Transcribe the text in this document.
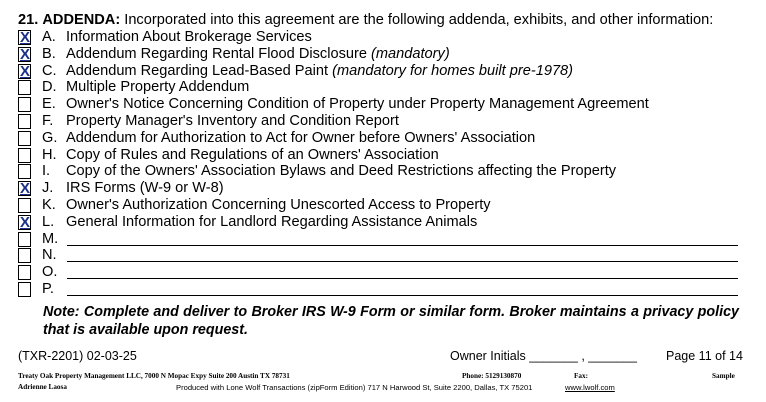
21. ADDENDA: Incorporated into this agreement are the following addenda, exhibits, and other information:
X A. Information About Brokerage Services
X B. Addendum Regarding Rental Flood Disclosure (mandatory)
X C. Addendum Regarding Lead-Based Paint (mandatory for homes built pre-1978)
D. Multiple Property Addendum
E. Owner's Notice Concerning Condition of Property under Property Management Agreement
F. Property Manager's Inventory and Condition Report
G. Addendum for Authorization to Act for Owner before Owners' Association
H. Copy of Rules and Regulations of an Owners' Association
I. Copy of the Owners' Association Bylaws and Deed Restrictions affecting the Property
X J. IRS Forms (W-9 or W-8)
K. Owner's Authorization Concerning Unescorted Access to Property
X L. General Information for Landlord Regarding Assistance Animals
M.
N.
O.
P.
Note: Complete and deliver to Broker IRS W-9 Form or similar form. Broker maintains a privacy policy that is available upon request.
(TXR-2201) 02-03-25	Owner Initials _______ , _______ Page 11 of 14
Treaty Oak Property Management LLC, 7000 N Mopac Expy Suite 200 Austin TX 78731	Phone: 5129130870	Fax:	Sample
Adrienne Laosa	Produced with Lone Wolf Transactions (zipForm Edition) 717 N Harwood St, Suite 2200, Dallas, TX 75201	www.lwolf.com
